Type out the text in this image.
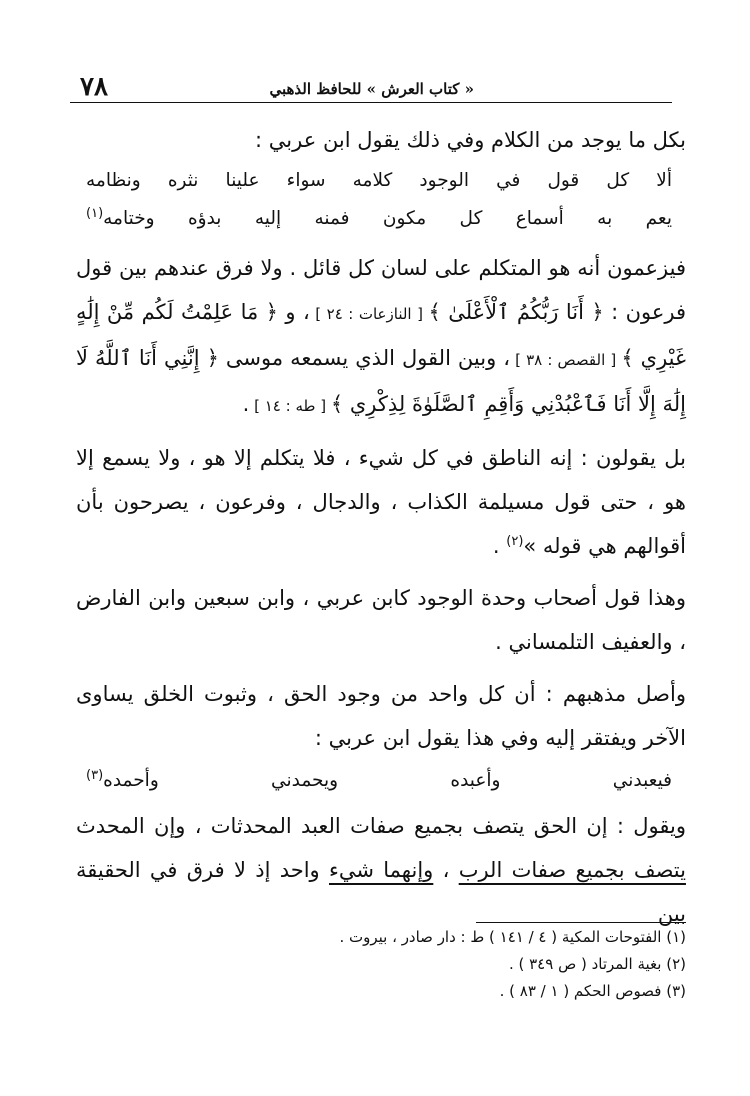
٧٨	« كتاب العرش » للحافظ الذهبي

بكل ما يوجد من الكلام وفي ذلك يقول ابن عربي :

ألا كل قول في الوجود كلامه سواء علينا نثره ونظامه

يعم به أسماع كل مكون فمنه إليه بدؤه وختامه$^{(١)}$

فيزعمون أنه هو المتكلم على لسان كل قائل . ولا فرق عندهم بين قول فرعون : ﴿ أَنَا رَبُّكُمُ ٱلْأَعْلَىٰ ﴾ [ النازعات : ٢٤ ] ، و ﴿ مَا عَلِمْتُ لَكُم مِّنْ إِلَٰهٍ غَيْرِي ﴾ [ القصص : ٣٨ ] ، وبين القول الذي يسمعه موسى ﴿ إِنَّنِي أَنَا ٱللَّهُ لَا إِلَٰهَ إِلَّا أَنَا فَٱعْبُدْنِي وَأَقِمِ ٱلصَّلَوٰةَ لِذِكْرِي ﴾ [ طه : ١٤ ] .

بل يقولون : إنه الناطق في كل شيء ، فلا يتكلم إلا هو ، ولا يسمع إلا هو ، حتى قول مسيلمة الكذاب ، والدجال ، وفرعون ، يصرحون بأن أقوالهم هي قوله »$^{(٢)}$ .

وهذا قول أصحاب وحدة الوجود كابن عربي ، وابن سبعين وابن الفارض ، والعفيف التلمساني .

وأصل مذهبهم : أن كل واحد من وجود الحق ، وثبوت الخلق يساوى الآخر ويفتقر إليه وفي هذا يقول ابن عربي :

فيعبدني وأعبده ويحمدني وأحمده$^{(٣)}$

ويقول : إن الحق يتصف بجميع صفات العبد المحدثات ، وإن المحدث يتصف بجميع صفات الرب ، وإنهما شيء واحد إذ لا فرق في الحقيقة بين

(١) الفتوحات المكية ( ٤ / ١٤١ ) ط : دار صادر ، بيروت .

(٢) بغية المرتاد ( ص ٣٤٩ ) .

(٣) فصوص الحكم ( ١ / ٨٣ ) .
